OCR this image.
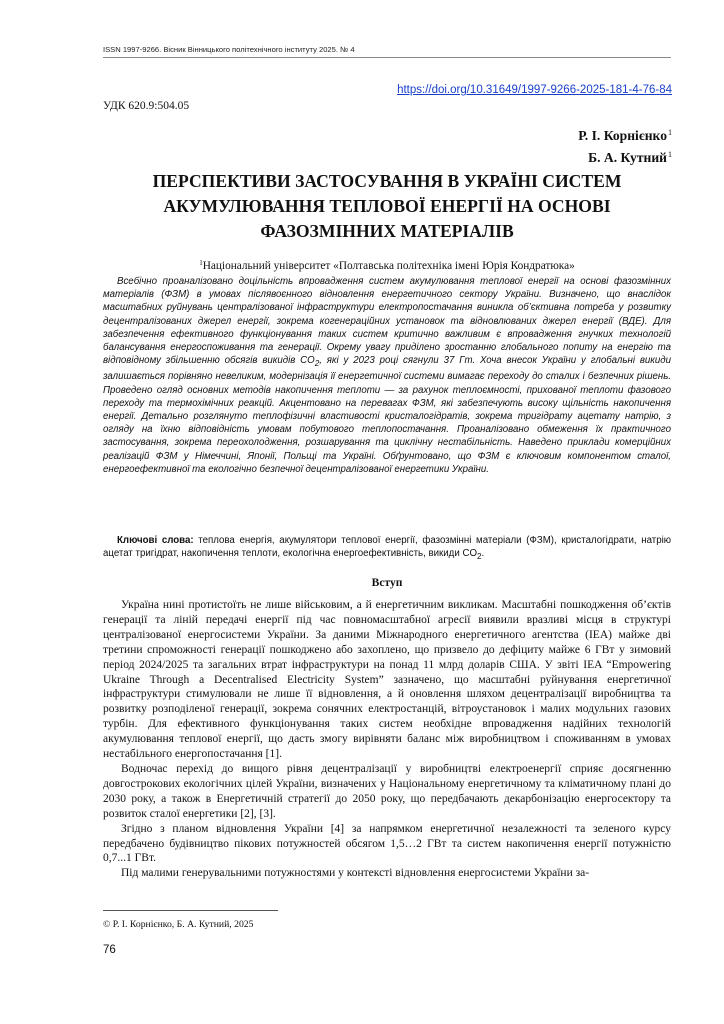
ISSN 1997-9266. Вісник Вінницького політехнічного інституту 2025. № 4
https://doi.org/10.31649/1997-9266-2025-181-4-76-84
УДК 620.9:504.05
Р. І. Корнієнко$^1$
Б. А. Кутний$^1$
ПЕРСПЕКТИВИ ЗАСТОСУВАННЯ В УКРАЇНІ СИСТЕМ АКУМУЛЮВАННЯ ТЕПЛОВОЇ ЕНЕРГІЇ НА ОСНОВІ ФАЗОЗМІННИХ МАТЕРІАЛІВ
$^1$Національний університет «Полтавська політехніка імені Юрія Кондратюка»

Всебічно проаналізовано доцільність впровадження систем акумулювання теплової енергії на основі фазозмінних матеріалів (ФЗМ) в умовах післявоєнного відновлення енергетичного сектору України. Визначено, що внаслідок масштабних руйнувань централізованої інфраструктури електропостачання виникла об’єктивна потреба у розвитку децентралізованих джерел енергії, зокрема когенераційних установок та відновлюваних джерел енергії (ВДЕ). Для забезпечення ефективного функціонування таких систем критично важливим є впровадження гнучких технологій балансування енергоспоживання та генерації. Окрему увагу приділено зростанню глобального попиту на енергію та відповідному збільшенню обсягів викидів $CO_2$, які у 2023 році сягнули 37 Гт. Хоча внесок України у глобальні викиди залишається порівняно невеликим, модернізація її енергетичної системи вимагає переходу до сталих і безпечних рішень. Проведено огляд основних методів накопичення теплоти — за рахунок теплоємності, прихованої теплоти фазового переходу та термохімічних реакцій. Акцентовано на перевагах ФЗМ, які забезпечують високу щільність накопичення енергії. Детально розглянуто теплофізичні властивості кристалогідратів, зокрема тригідрату ацетату натрію, з огляду на їхню відповідність умовам побутового теплопостачання. Проаналізовано обмеження їх практичного застосування, зокрема переохолодження, розшарування та циклічну нестабільність. Наведено приклади комерційних реалізацій ФЗМ у Німеччині, Японії, Польщі та Україні. Обґрунтовано, що ФЗМ є ключовим компонентом сталої, енергоефективної та екологічно безпечної децентралізованої енергетики України.

Ключові слова: теплова енергія, акумулятори теплової енергії, фазозмінні матеріали (ФЗМ), кристалогідрати, натрію ацетат тригідрат, накопичення теплоти, екологічна енергоефективність, викиди $CO_2$.

Вступ

Україна нині протистоїть не лише військовим, а й енергетичним викликам. Масштабні пошкодження об’єктів генерації та ліній передачі енергії під час повномасштабної агресії виявили вразливі місця в структурі централізованої енергосистеми України. За даними Міжнародного енергетичного агентства (IEA) майже дві третини спроможності генерації пошкоджено або захоплено, що призвело до дефіциту майже 6 ГВт у зимовий період 2024/2025 та загальних втрат інфраструктури на понад 11 млрд доларів США. У звіті IEA “Empowering Ukraine Through a Decentralised Electricity System” зазначено, що масштабні руйнування енергетичної інфраструктури стимулювали не лише її відновлення, а й оновлення шляхом децентралізації виробництва та розвитку розподіленої генерації, зокрема сонячних електростанцій, вітроустановок і малих модульних газових турбін. Для ефективного функціонування таких систем необхідне впровадження надійних технологій акумулювання теплової енергії, що дасть змогу вирівняти баланс між виробництвом і споживанням в умовах нестабільного енергопостачання [1].

Водночас перехід до вищого рівня децентралізації у виробництві електроенергії сприяє досягненню довгострокових екологічних цілей України, визначених у Національному енергетичному та кліматичному плані до 2030 року, а також в Енергетичній стратегії до 2050 року, що передбачають декарбонізацію енергосектору та розвиток сталої енергетики [2], [3].

Згідно з планом відновлення України [4] за напрямком енергетичної незалежності та зеленого курсу передбачено будівництво пікових потужностей обсягом 1,5…2 ГВт та систем накопичення енергії потужністю 0,7...1 ГВт.

Під малими генерувальними потужностями у контексті відновлення енергосистеми України за-

© Р. І. Корнієнко, Б. А. Кутний, 2025
76
